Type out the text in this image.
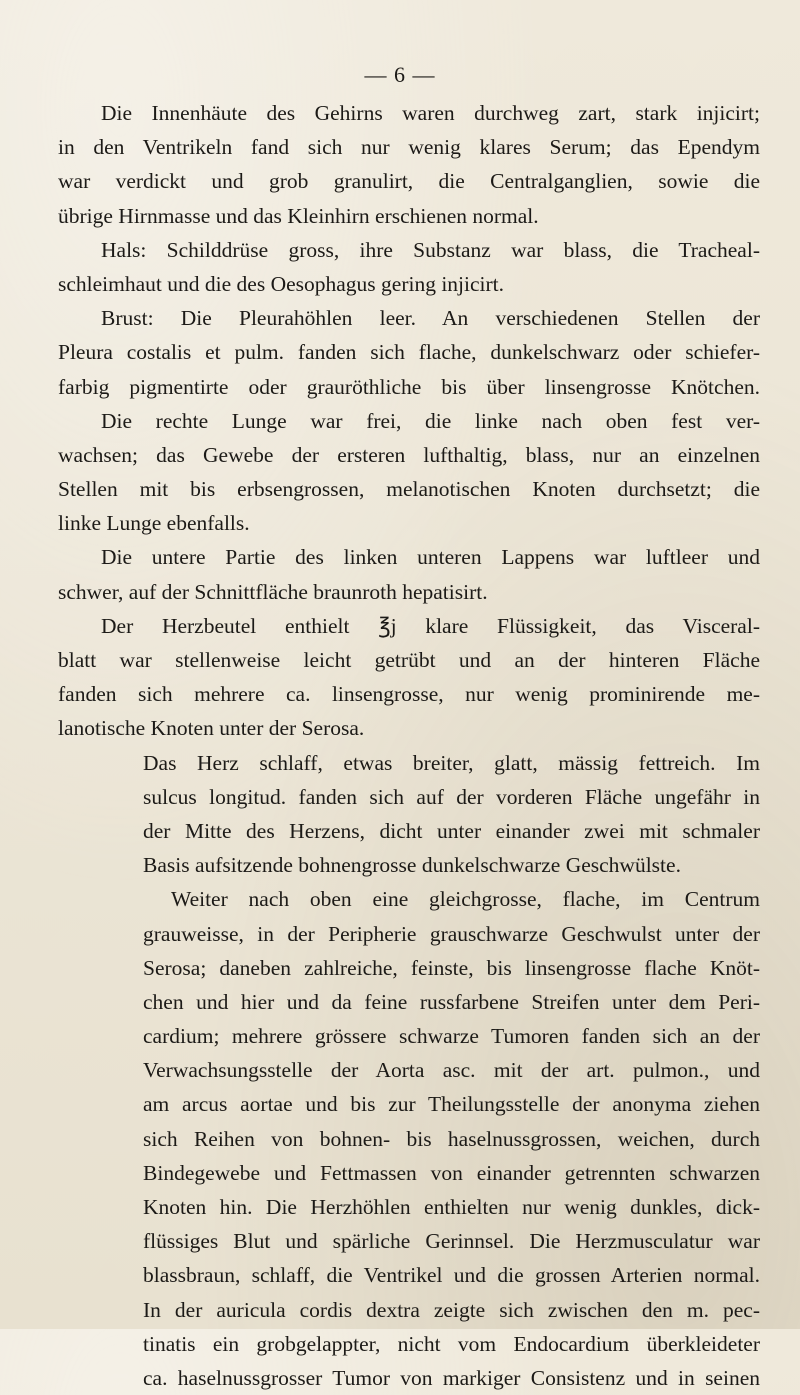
— 6 —
Die Innenhäute des Gehirns waren durchweg zart, stark injicirt;
in den Ventrikeln fand sich nur wenig klares Serum; das Ependym
war verdickt und grob granulirt, die Centralganglien, sowie die
übrige Hirnmasse und das Kleinhirn erschienen normal.
Hals: Schilddrüse gross, ihre Substanz war blass, die Tracheal-
schleimhaut und die des Oesophagus gering injicirt.
Brust: Die Pleurahöhlen leer. An verschiedenen Stellen der
Pleura costalis et pulm. fanden sich flache, dunkelschwarz oder schiefer-
farbig pigmentirte oder grauröthliche bis über linsengrosse Knötchen.
Die rechte Lunge war frei, die linke nach oben fest ver-
wachsen; das Gewebe der ersteren lufthaltig, blass, nur an einzelnen
Stellen mit bis erbsengrossen, melanotischen Knoten durchsetzt; die
linke Lunge ebenfalls.
Die untere Partie des linken unteren Lappens war luftleer und
schwer, auf der Schnittfläche braunroth hepatisirt.
Der Herzbeutel enthielt ℥j klare Flüssigkeit, das Visceral-
blatt war stellenweise leicht getrübt und an der hinteren Fläche
fanden sich mehrere ca. linsengrosse, nur wenig prominirende me-
lanotische Knoten unter der Serosa.
Das Herz schlaff, etwas breiter, glatt, mässig fettreich. Im
sulcus longitud. fanden sich auf der vorderen Fläche ungefähr in
der Mitte des Herzens, dicht unter einander zwei mit schmaler
Basis aufsitzende bohnengrosse dunkelschwarze Geschwülste.
Weiter nach oben eine gleichgrosse, flache, im Centrum
grauweisse, in der Peripherie grauschwarze Geschwulst unter der
Serosa; daneben zahlreiche, feinste, bis linsengrosse flache Knöt-
chen und hier und da feine russfarbene Streifen unter dem Peri-
cardium; mehrere grössere schwarze Tumoren fanden sich an der
Verwachsungsstelle der Aorta asc. mit der art. pulmon., und
am arcus aortae und bis zur Theilungsstelle der anonyma ziehen
sich Reihen von bohnen- bis haselnussgrossen, weichen, durch
Bindegewebe und Fettmassen von einander getrennten schwarzen
Knoten hin. Die Herzhöhlen enthielten nur wenig dunkles, dick-
flüssiges Blut und spärliche Gerinnsel. Die Herzmusculatur war
blassbraun, schlaff, die Ventrikel und die grossen Arterien normal.
In der auricula cordis dextra zeigte sich zwischen den m. pec-
tinatis ein grobgelappter, nicht vom Endocardium überkleideter
ca. haselnussgrosser Tumor von markiger Consistenz und in seinen
